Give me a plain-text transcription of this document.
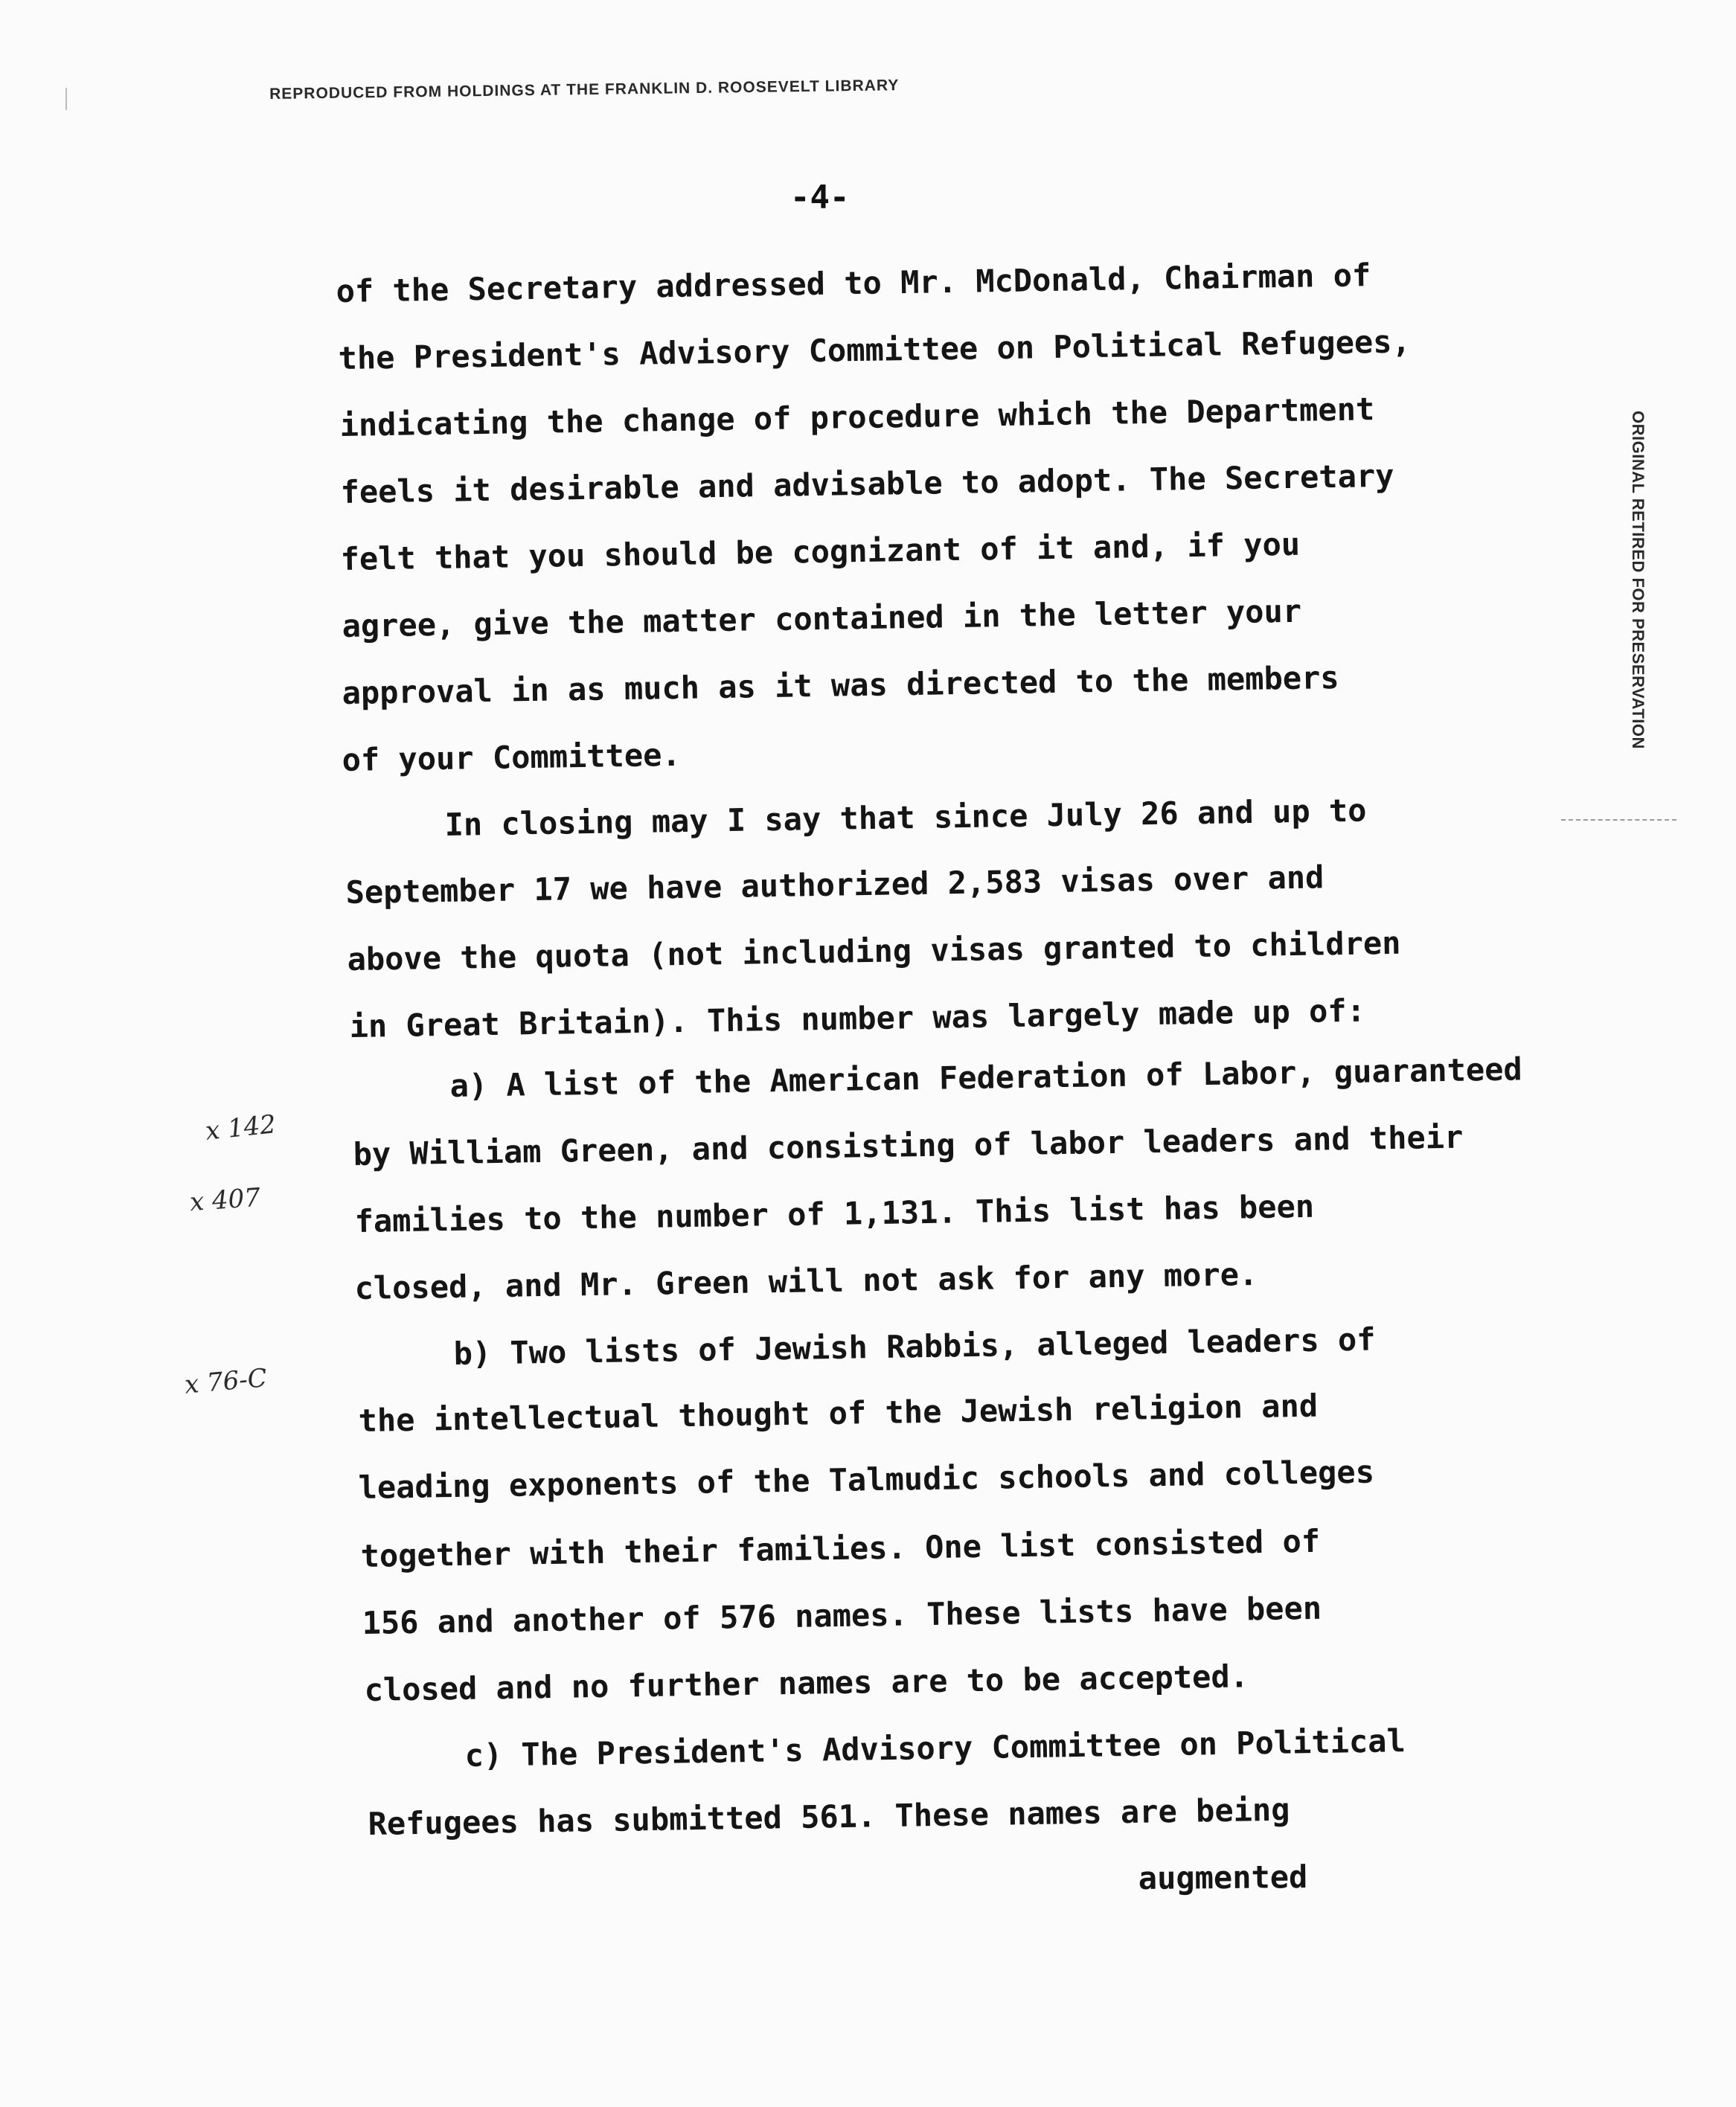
REPRODUCED FROM HOLDINGS AT THE FRANKLIN D. ROOSEVELT LIBRARY
-4-
ORIGINAL RETIRED FOR PRESERVATION
of the Secretary addressed to Mr. McDonald, Chairman of
the President's Advisory Committee on Political Refugees,
indicating the change of procedure which the Department
feels it desirable and advisable to adopt. The Secretary
felt that you should be cognizant of it and, if you
agree, give the matter contained in the letter your
approval in as much as it was directed to the members
of your Committee.
In closing may I say that since July 26 and up to
September 17 we have authorized 2,583 visas over and
above the quota (not including visas granted to children
in Great Britain). This number was largely made up of:
a) A list of the American Federation of Labor, guaranteed
by William Green, and consisting of labor leaders and their
families to the number of 1,131. This list has been
closed, and Mr. Green will not ask for any more.
b) Two lists of Jewish Rabbis, alleged leaders of
the intellectual thought of the Jewish religion and
leading exponents of the Talmudic schools and colleges
together with their families. One list consisted of
156 and another of 576 names. These lists have been
closed and no further names are to be accepted.
c) The President's Advisory Committee on Political
Refugees has submitted 561. These names are being
augmented
x 142
x 407
x 76-C
